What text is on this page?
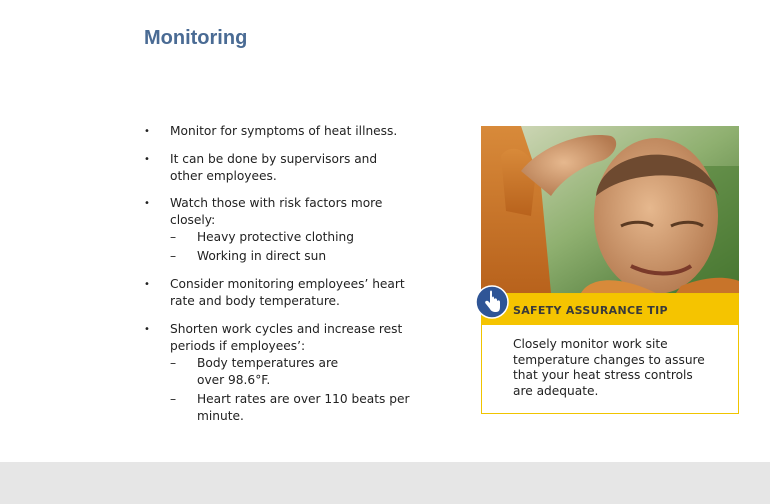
Monitoring
• Monitor for symptoms of heat illness.
• It can be done by supervisors and other employees.
• Watch those with risk factors more closely:
–	Heavy protective clothing
–	Working in direct sun
• Consider monitoring employees’ heart rate and body temperature.
• Shorten work cycles and increase rest periods if employees’:
–	Body temperatures are over 98.6°F.
–	Heart rates are over 110 beats per minute.
SAFETY ASSURANCE TIP
Closely monitor work site temperature changes to assure that your heat stress controls are adequate.
